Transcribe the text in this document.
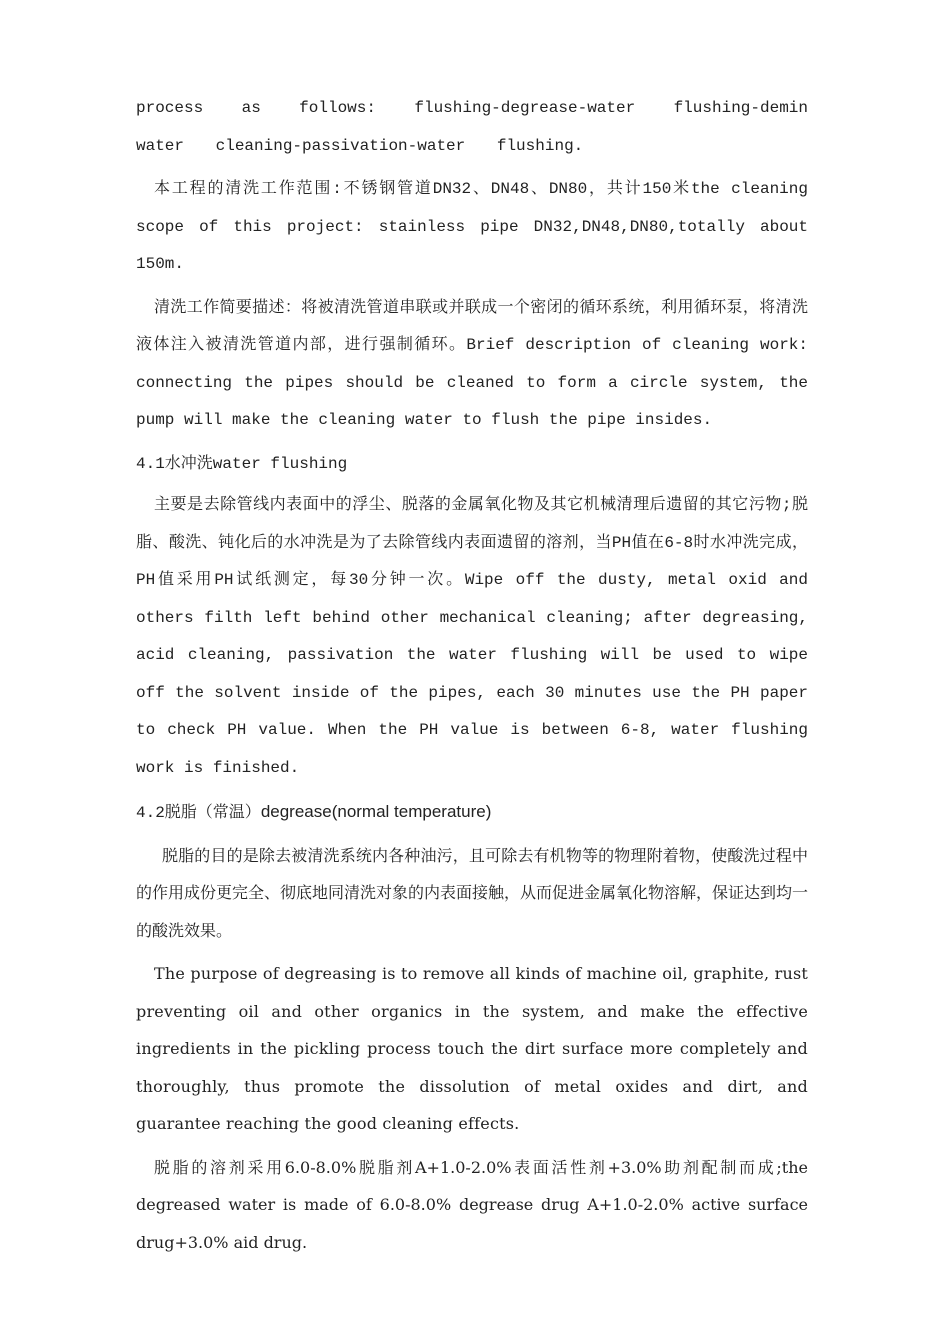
process as follows: flushing-degrease-water flushing-demin water cleaning-passivation-water flushing.

本工程的清洗工作范围:不锈钢管道DN32、DN48、DN80，共计150米the cleaning scope of this project: stainless pipe DN32,DN48,DN80,totally about 150m.

清洗工作简要描述：将被清洗管道串联或并联成一个密闭的循环系统，利用循环泵，将清洗液体注入被清洗管道内部，进行强制循环。Brief description of cleaning work: connecting the pipes should be cleaned to form a circle system, the pump will make the cleaning water to flush the pipe insides.

4.1水冲洗water flushing

主要是去除管线内表面中的浮尘、脱落的金属氧化物及其它机械清理后遗留的其它污物;脱脂、酸洗、钝化后的水冲洗是为了去除管线内表面遗留的溶剂，当PH值在6-8时水冲洗完成，PH值采用PH试纸测定，每30分钟一次。Wipe off the dusty, metal oxid and others filth left behind other mechanical cleaning; after degreasing, acid cleaning, passivation the water flushing will be used to wipe off the solvent inside of the pipes, each 30 minutes use the PH paper to check PH value. When the PH value is between 6-8, water flushing work is finished.

4.2脱脂（常温）degrease(normal temperature)

脱脂的目的是除去被清洗系统内各种油污，且可除去有机物等的物理附着物，使酸洗过程中的作用成份更完全、彻底地同清洗对象的内表面接触，从而促进金属氧化物溶解，保证达到均一的酸洗效果。

The purpose of degreasing is to remove all kinds of machine oil, graphite, rust preventing oil and other organics in the system, and make the effective ingredients in the pickling process touch the dirt surface more completely and thoroughly, thus promote the dissolution of metal oxides and dirt, and guarantee reaching the good cleaning effects.

脱脂的溶剂采用6.0-8.0%脱脂剂A+1.0-2.0%表面活性剂+3.0%助剂配制而成;the degreased water is made of 6.0-8.0% degrease drug A+1.0-2.0% active surface drug+3.0% aid drug.
